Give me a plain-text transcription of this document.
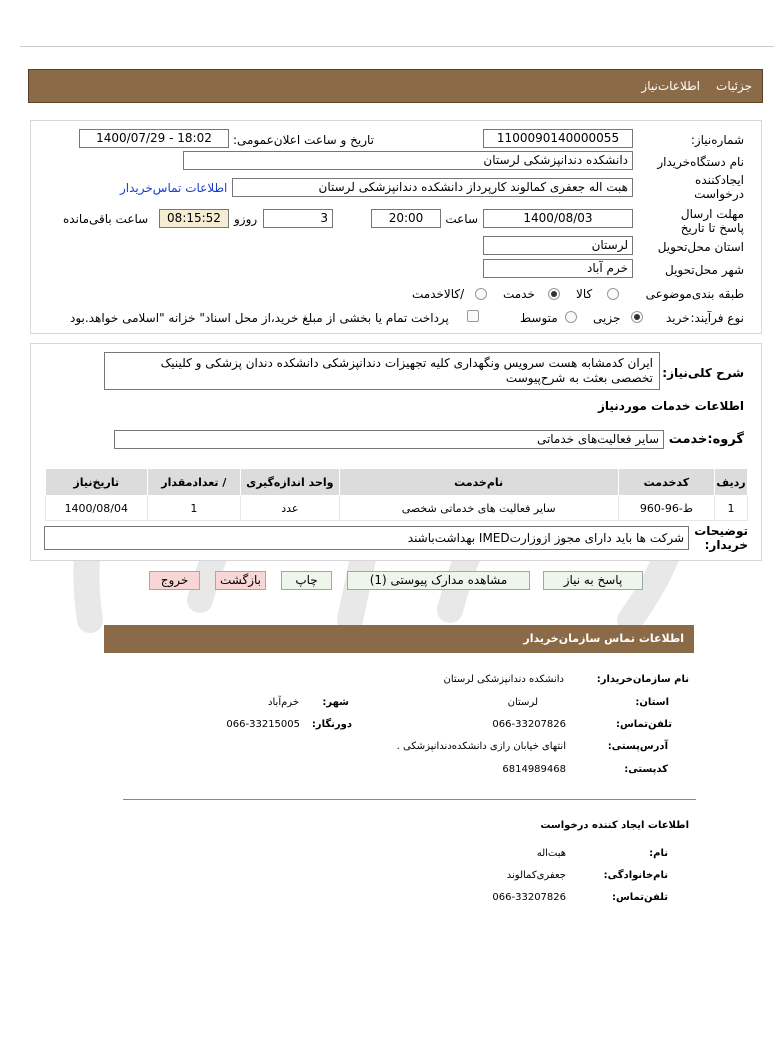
جزئیات
اطلاعات‌نیاز
شماره‌نیاز:
1100090140000055
تاریخ و ساعت اعلان‌عمومی:
1400/07/29 - 18:02
نام دستگاه‌خریدار
دانشکده دندانپزشکی لرستان
ایجادکننده درخواست
هبت اله جعفری کمالوند کارپرداز دانشکده دندانپزشکی لرستان
اطلاعات تماس‌خریدار
مهلت ارسال پاسخ تا تاریخ
1400/08/03
ساعت
20:00
3
روزو
08:15:52
ساعت باقی‌مانده
استان محل‌تحویل
لرستان
شهر محل‌تحویل
خرم آباد
طبقه بندی‌موضوعی
کالا
خدمت
/کالاخدمت
نوع فرآیند:
خرید
جزیی
متوسط
پرداخت تمام یا بخشی از مبلغ خرید،از محل اسناد" خزانه "اسلامی خواهد.بود
شرح کلی‌نیاز:
ایران کدمشابه هست سرویس ونگهداری کلیه تجهیزات دندانپزشکی دانشکده دندان پزشکی و کلینیک
تخصصی بعثت به شرح‌پیوست
اطلاعات خدمات موردنیاز
گروه:خدمت
سایر فعالیت‌های خدماتی
ردیف	کدخدمت	نام‌خدمت	واحد اندازه‌گیری	/ تعدادمقدار	تاریخ‌نیاز
1	ط-96-960	سایر فعالیت های خدماتی شخصی	عدد	1	1400/08/04
توضیحات خریدار:
شرکت ها باید دارای مجوز ازوزارتIMED بهداشت‌باشند
پاسخ به نیاز
مشاهده مدارک پیوستی (1)
چاپ
بازگشت
خروج
اطلاعات تماس سازمان‌خریدار
نام سازمان‌خریدار:
دانشکده دندانپزشکی لرستان
استان:
لرستان
شهر:
خرم‌آباد
تلفن‌تماس:
066-33207826
دورنگار:
066-33215005
آدرس‌پستی:
انتهای خیابان رازی دانشکده‌دندانپزشکی .
کدپستی:
6814989468
اطلاعات ایجاد کننده درخواست
نام:
هبت‌اله
نام‌خانوادگی:
جعفری‌کمالوند
تلفن‌تماس:
066-33207826
